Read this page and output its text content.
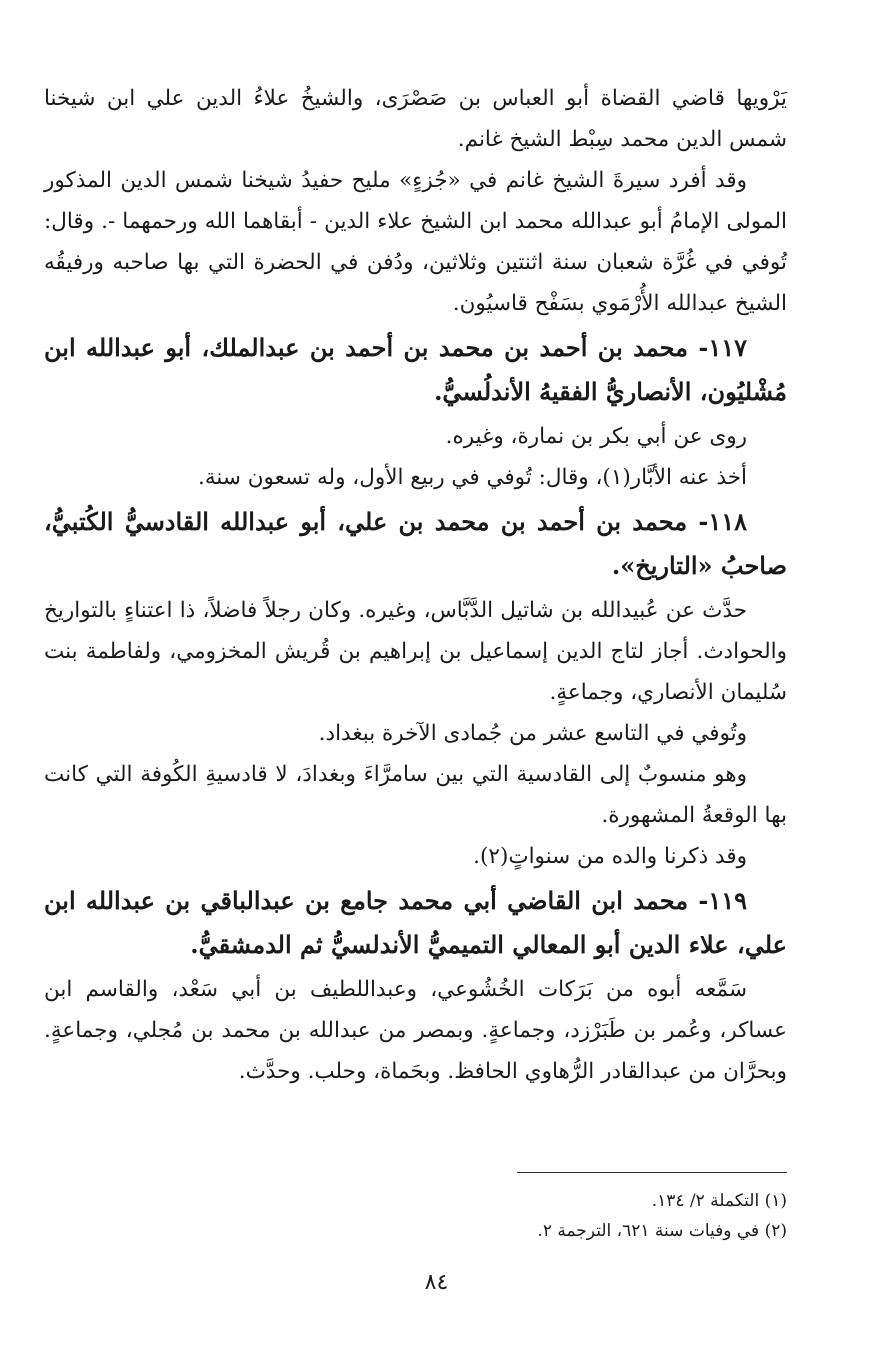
يَرْويها قاضي القضاة أبو العباس بن صَصْرَى، والشيخُ علاءُ الدين علي ابن شيخنا شمس الدين محمد سِبْط الشيخ غانم.

وقد أفرد سيرةَ الشيخ غانم في «جُزءٍ» مليح حفيدُ شيخنا شمس الدين المذكور المولى الإمامُ أبو عبدالله محمد ابن الشيخ علاء الدين - أبقاهما الله ورحمهما -. وقال: تُوفي في غُرَّة شعبان سنة اثنتين وثلاثين، ودُفن في الحضرة التي بها صاحبه ورفيقُه الشيخ عبدالله الأُرْمَوي بسَفْح قاسيُون.

١١٧- محمد بن أحمد بن محمد بن أحمد بن عبدالملك، أبو عبدالله ابن مُشْليُون، الأنصاريُّ الفقيهُ الأندلُسيُّ.

روى عن أبي بكر بن نمارة، وغيره.

أخذ عنه الأبَّار(١)، وقال: تُوفي في ربيع الأول، وله تسعون سنة.

١١٨- محمد بن أحمد بن محمد بن علي، أبو عبدالله القادسيُّ الكُتبيُّ، صاحبُ «التاريخ».

حدَّث عن عُبيدالله بن شاتيل الدَّبَّاس، وغيره. وكان رجلاً فاضلاً، ذا اعتناءٍ بالتواريخ والحوادث. أجاز لتاج الدين إسماعيل بن إبراهيم بن قُريش المخزومي، ولفاطمة بنت سُليمان الأنصاري، وجماعةٍ.

وتُوفي في التاسع عشر من جُمادى الآخرة ببغداد.

وهو منسوبٌ إلى القادسية التي بين سامرَّاءَ وبغدادَ، لا قادسيةِ الكُوفة التي كانت بها الوقعةُ المشهورة.

وقد ذكرنا والده من سنواتٍ(٢).

١١٩- محمد ابن القاضي أبي محمد جامع بن عبدالباقي بن عبدالله ابن علي، علاء الدين أبو المعالي التميميُّ الأندلسيُّ ثم الدمشقيُّ.

سَمَّعه أبوه من بَرَكات الخُشُوعي، وعبداللطيف بن أبي سَعْد، والقاسم ابن عساكر، وعُمر بن طَبَرْزد، وجماعةٍ. وبمصر من عبدالله بن محمد بن مُجلي، وجماعةٍ. وبحرَّان من عبدالقادر الرُّهاوي الحافظ. وبحَماة، وحلب. وحدَّث.

(١) التكملة ٢/ ١٣٤.

(٢) في وفيات سنة ٦٢١، الترجمة ٢.

٨٤
